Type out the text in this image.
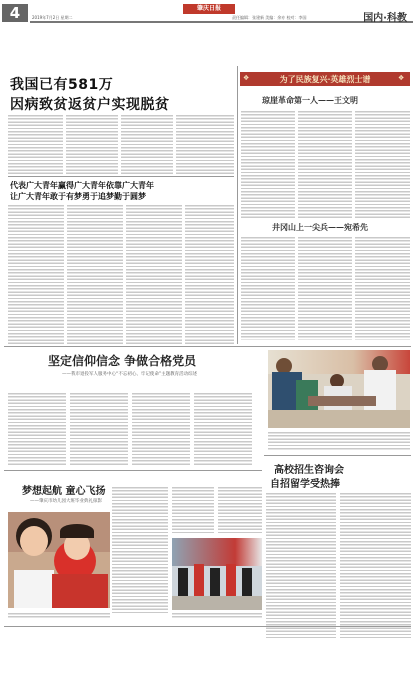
4	肇庆日报
2019年7月2日 星期二	责任编辑：张建新 美编：余亦 校对：李国	国内·科教
我国已有581万
因病致贫返贫户实现脱贫
代表广大青年赢得广大青年依靠广大青年
让广大青年敢于有梦勇于追梦勤于圆梦
为了民族复兴·英雄烈士谱
❖	❖
琼崖革命第一人——王文明
井冈山上一尖兵——宛希先
坚定信仰信念 争做合格党员
——我市退役军人服务中心“不忘初心、牢记使命”主题教育活动综述
高校招生咨询会
自招留学受热捧
梦想起航 童心飞扬
——肇庆市幼儿园大班毕业典礼掠影
